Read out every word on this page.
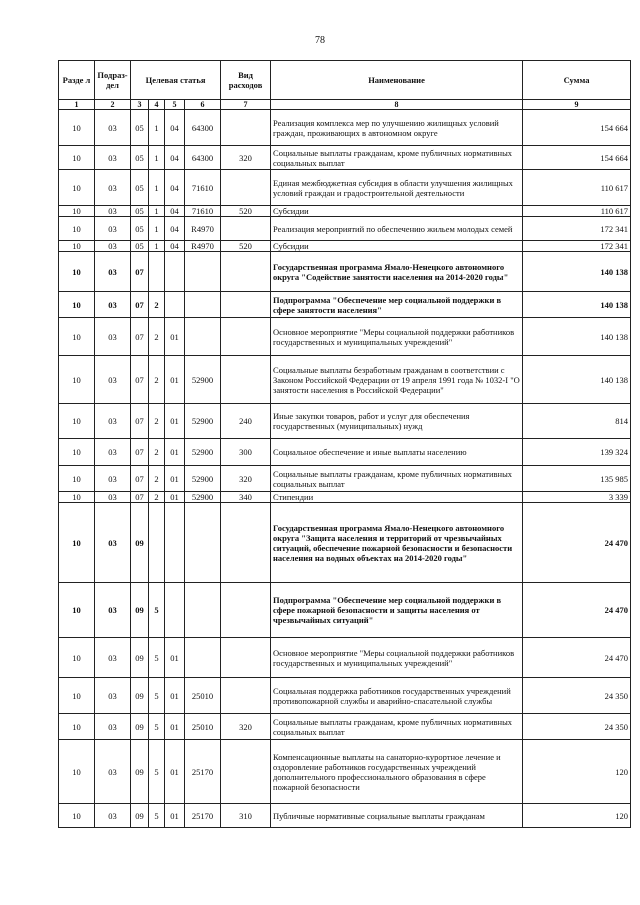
78
Разде л	Подраз- дел	Целевая статья				Вид расходов	Наименование	Сумма
1	2	3	4	5	6	7	8	9
10	03	05	1	04	64300		Реализация комплекса мер по улучшению жилищных условий граждан, проживающих в автономном округе	154 664
10	03	05	1	04	64300	320	Социальные выплаты гражданам, кроме публичных нормативных социальных выплат	154 664
10	03	05	1	04	71610		Единая межбюджетная субсидия в области улучшения жилищных условий граждан и градостроительной деятельности	110 617
10	03	05	1	04	71610	520	Субсидии	110 617
10	03	05	1	04	R4970		Реализация мероприятий по обеспечению жильем молодых семей	172 341
10	03	05	1	04	R4970	520	Субсидии	172 341
10	03	07					Государственная программа Ямало-Ненецкого автономного округа "Содействие занятости населения на 2014-2020 годы"	140 138
10	03	07	2				Подпрограмма "Обеспечение мер социальной поддержки в сфере занятости населения"	140 138
10	03	07	2	01			Основное мероприятие "Меры социальной поддержки работников государственных и муниципальных учреждений"	140 138
10	03	07	2	01	52900		Социальные выплаты безработным гражданам в соответствии с Законом Российской Федерации от 19 апреля 1991 года № 1032-I "О занятости населения в Российской Федерации"	140 138
10	03	07	2	01	52900	240	Иные закупки товаров, работ и услуг для обеспечения государственных (муниципальных) нужд	814
10	03	07	2	01	52900	300	Социальное обеспечение и иные выплаты населению	139 324
10	03	07	2	01	52900	320	Социальные выплаты гражданам, кроме публичных нормативных социальных выплат	135 985
10	03	07	2	01	52900	340	Стипендии	3 339
10	03	09					Государственная программа Ямало-Ненецкого автономного округа "Защита населения и территорий от чрезвычайных ситуаций, обеспечение пожарной безопасности и безопасности населения на водных объектах на 2014-2020 годы"	24 470
10	03	09	5				Подпрограмма "Обеспечение мер социальной поддержки в сфере пожарной безопасности и защиты населения от чрезвычайных ситуаций"	24 470
10	03	09	5	01			Основное мероприятие "Меры социальной поддержки работников государственных и муниципальных учреждений"	24 470
10	03	09	5	01	25010		Социальная поддержка работников государственных учреждений противопожарной службы и аварийно-спасательной службы	24 350
10	03	09	5	01	25010	320	Социальные выплаты гражданам, кроме публичных нормативных социальных выплат	24 350
10	03	09	5	01	25170		Компенсационные выплаты на санаторно-курортное лечение и оздоровление работников государственных учреждений дополнительного профессионального образования в сфере пожарной безопасности	120
10	03	09	5	01	25170	310	Публичные нормативные социальные выплаты гражданам	120
